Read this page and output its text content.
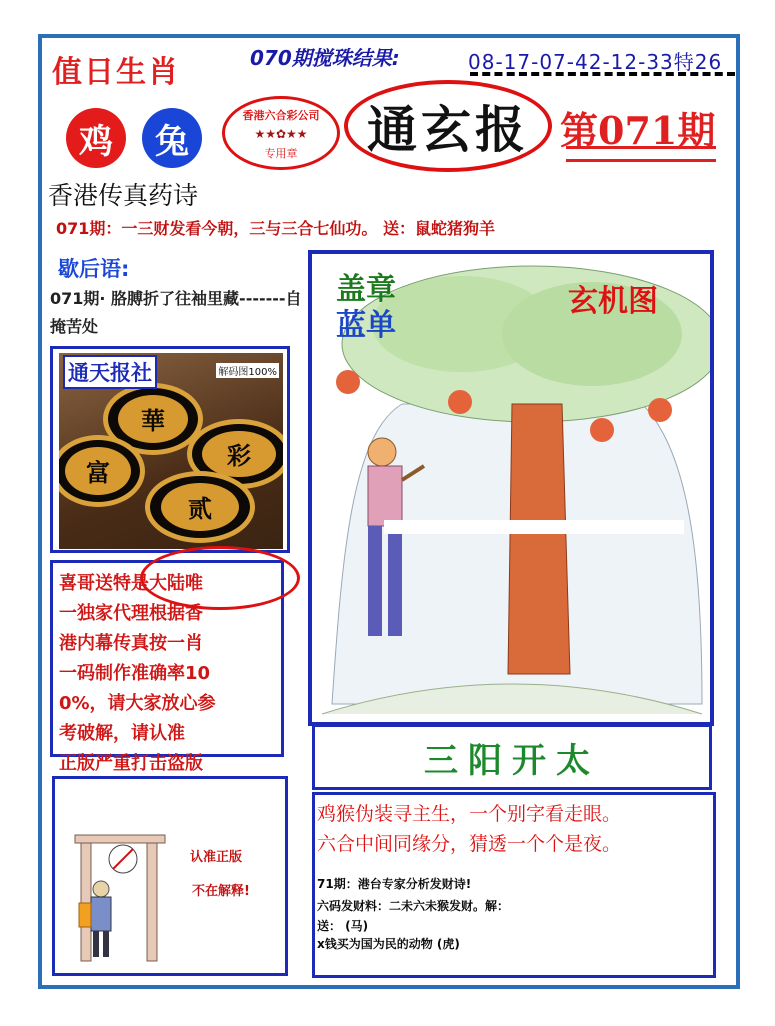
值日生肖	070期搅珠结果:	08-17-07-42-12-33特26
鸡 兔
香港六合彩公司
★★✿★★
专用章	通玄报 第071期
香港传真药诗
071期：一三财发看今朝，三与三合七仙功。 送：鼠蛇猪狗羊
歇后语:
071期· 胳膊折了往袖里藏-------自掩苦处
華
彩
富
贰
通天报社	解码图100%
喜哥送特是大陆唯
一独家代理根据香
港内幕传真按一肖
一码制作准确率10
0%，请大家放心参
考破解，请认准
正版严重打击盗版
认准正版
不在解释!
盖章
蓝单
玄机图
三阳开太
鸡猴伪装寻主生，一个别字看走眼。
六合中间同缘分，猜透一个个是夜。
71期：港台专家分析发财诗!
六码发财料：二未六未猴发财。解：
送： (马)
x钱买为国为民的动物 (虎)
